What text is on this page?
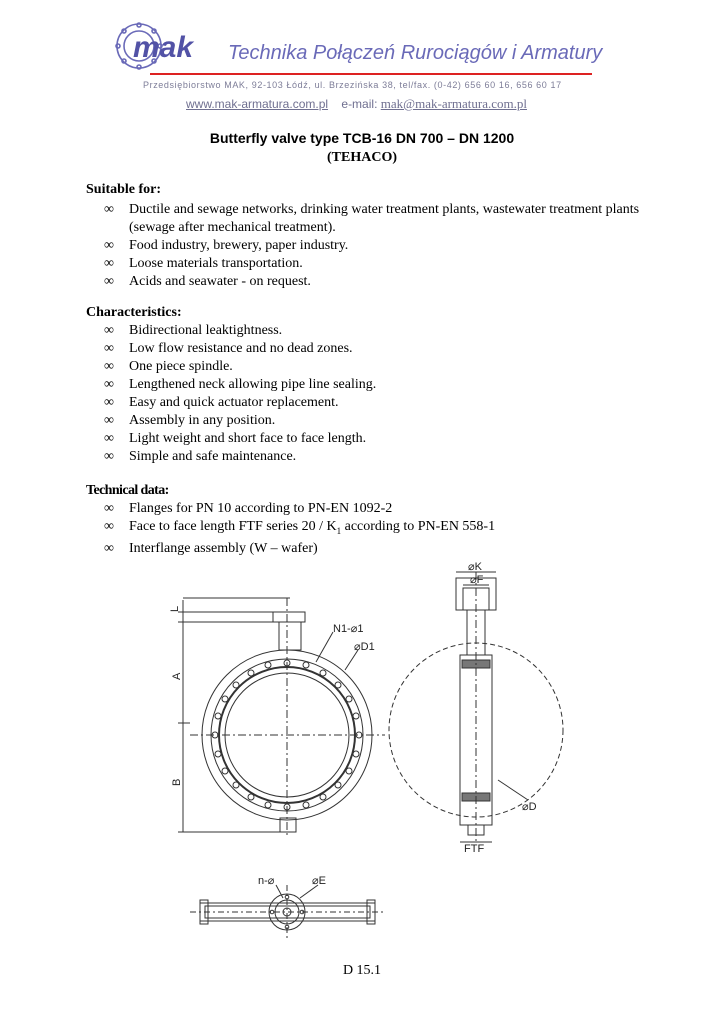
mak Technika Połączeń Rurociągów i Armatury
Przedsiębiorstwo MAK, 92-103 Łódź, ul. Brzezińska 38, tel/fax. (0-42) 656 60 16, 656 60 17
www.mak-armatura.com.pl e-mail: mak@mak-armatura.com.pl
Butterfly valve type TCB-16 DN 700 – DN 1200
(TEHACO)
Suitable for:
∞ Ductile and sewage networks, drinking water treatment plants, wastewater treatment plants (sewage after mechanical treatment).
∞ Food industry, brewery, paper industry.
∞ Loose materials transportation.
∞ Acids and seawater - on request.
Characteristics:
∞ Bidirectional leaktightness.
∞ Low flow resistance and no dead zones.
∞ One piece spindle.
∞ Lengthened neck allowing pipe line sealing.
∞ Easy and quick actuator replacement.
∞ Assembly in any position.
∞ Light weight and short face to face length.
∞ Simple and safe maintenance.
Technical data:
∞ Flanges for PN 10 according to PN-EN 1092-2
∞ Face to face length FTF series $20 / K_1$ according to PN-EN 558-1
∞ Interflange assembly (W – wafer)
L
A
B
N1-⌀1
⌀D1
⌀K
⌀F
⌀D
FTF
n-⌀	⌀E
D 15.1
